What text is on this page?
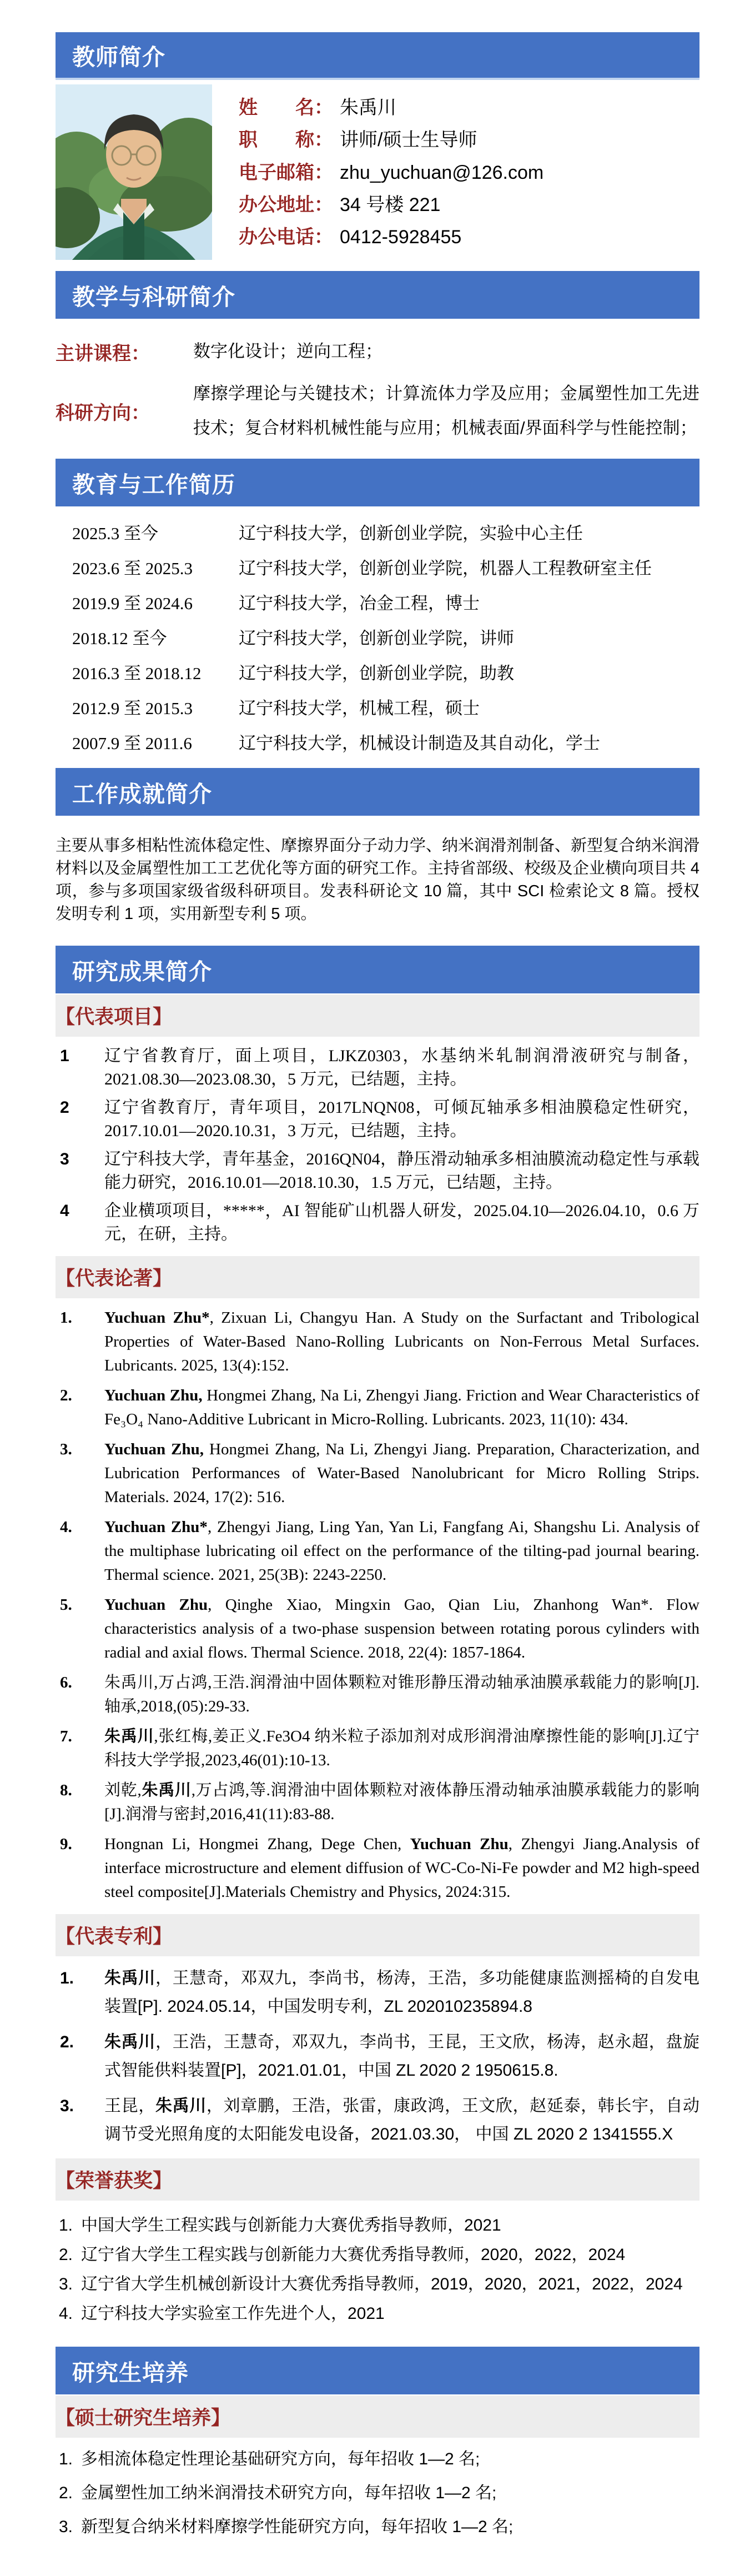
教师简介
姓　　名： 朱禹川
职　　称： 讲师/硕士生导师
电子邮箱： zhu_yuchuan@126.com
办公地址： 34 号楼 221
办公电话： 0412-5928455
教学与科研简介
主讲课程：	数字化设计；逆向工程；
科研方向：
摩擦学理论与关键技术；计算流体力学及应用；金属塑性加工先进技术；复合材料机械性能与应用；机械表面/界面科学与性能控制；
教育与工作简历
2025.3 至今	辽宁科技大学，创新创业学院，实验中心主任
2023.6 至 2025.3	辽宁科技大学，创新创业学院，机器人工程教研室主任
2019.9 至 2024.6	辽宁科技大学，冶金工程，博士
2018.12 至今	辽宁科技大学，创新创业学院，讲师
2016.3 至 2018.12	辽宁科技大学，创新创业学院，助教
2012.9 至 2015.3	辽宁科技大学，机械工程，硕士
2007.9 至 2011.6	辽宁科技大学，机械设计制造及其自动化，学士
工作成就简介

主要从事多相粘性流体稳定性、摩擦界面分子动力学、纳米润滑剂制备、新型复合纳米润滑材料以及金属塑性加工工艺优化等方面的研究工作。主持省部级、校级及企业横向项目共 4 项，参与多项国家级省级科研项目。发表科研论文 10 篇，其中 SCI 检索论文 8 篇。授权发明专利 1 项，实用新型专利 5 项。

研究成果简介
【代表项目】
1	辽宁省教育厅，面上项目，LJKZ0303，水基纳米轧制润滑液研究与制备，2021.08.30—2023.08.30，5 万元，已结题，主持。
2	辽宁省教育厅，青年项目，2017LNQN08，可倾瓦轴承多相油膜稳定性研究，2017.10.01—2020.10.31，3 万元，已结题，主持。
3	辽宁科技大学，青年基金，2016QN04，静压滑动轴承多相油膜流动稳定性与承载能力研究，2016.10.01—2018.10.30，1.5 万元，已结题，主持。
4	企业横项项目，*****，AI 智能矿山机器人研发，2025.04.10—2026.04.10，0.6 万元，在研，主持。
【代表论著】
1.	Yuchuan Zhu*, Zixuan Li, Changyu Han. A Study on the Surfactant and Tribological Properties of Water-Based Nano-Rolling Lubricants on Non-Ferrous Metal Surfaces. Lubricants. 2025, 13(4):152.
2.	Yuchuan Zhu, Hongmei Zhang, Na Li, Zhengyi Jiang. Friction and Wear Characteristics of Fe₃O₄ Nano-Additive Lubricant in Micro-Rolling. Lubricants. 2023, 11(10): 434.
3.	Yuchuan Zhu, Hongmei Zhang, Na Li, Zhengyi Jiang. Preparation, Characterization, and Lubrication Performances of Water-Based Nanolubricant for Micro Rolling Strips. Materials. 2024, 17(2): 516.
4.	Yuchuan Zhu*, Zhengyi Jiang, Ling Yan, Yan Li, Fangfang Ai, Shangshu Li. Analysis of the multiphase lubricating oil effect on the performance of the tilting-pad journal bearing. Thermal science. 2021, 25(3B): 2243-2250.
5.	Yuchuan Zhu, Qinghe Xiao, Mingxin Gao, Qian Liu, Zhanhong Wan*. Flow characteristics analysis of a two-phase suspension between rotating porous cylinders with radial and axial flows. Thermal Science. 2018, 22(4): 1857-1864.
6.	朱禹川,万占鸿,王浩.润滑油中固体颗粒对锥形静压滑动轴承油膜承载能力的影响[J].轴承,2018,(05):29-33.
7.	朱禹川,张红梅,姜正义.Fe3O4 纳米粒子添加剂对成形润滑油摩擦性能的影响[J].辽宁科技大学学报,2023,46(01):10-13.
8.	刘乾,朱禹川,万占鸿,等.润滑油中固体颗粒对液体静压滑动轴承油膜承载能力的影响[J].润滑与密封,2016,41(11):83-88.
9.	Hongnan Li, Hongmei Zhang, Dege Chen, Yuchuan Zhu, Zhengyi Jiang.Analysis of interface microstructure and element diffusion of WC-Co-Ni-Fe powder and M2 high-speed steel composite[J].Materials Chemistry and Physics, 2024:315.
【代表专利】
1.	朱禹川，王慧奇，邓双九，李尚书，杨涛，王浩，多功能健康监测摇椅的自发电装置[P]. 2024.05.14，中国发明专利，ZL 202010235894.8
2.	朱禹川，王浩，王慧奇，邓双九，李尚书，王昆，王文欣，杨涛，赵永超，盘旋式智能供料装置[P]，2021.01.01，中国 ZL 2020 2 1950615.8.
3.	王昆，朱禹川，刘章鹏，王浩，张雷，康政鸿，王文欣，赵延泰，韩长宇，自动调节受光照角度的太阳能发电设备，2021.03.30， 中国 ZL 2020 2 1341555.X
【荣誉获奖】
1. 中国大学生工程实践与创新能力大赛优秀指导教师，2021
2. 辽宁省大学生工程实践与创新能力大赛优秀指导教师，2020，2022，2024
3. 辽宁省大学生机械创新设计大赛优秀指导教师，2019，2020，2021，2022，2024
4. 辽宁科技大学实验室工作先进个人，2021
研究生培养
【硕士研究生培养】
1. 多相流体稳定性理论基础研究方向，每年招收 1—2 名;
2. 金属塑性加工纳米润滑技术研究方向，每年招收 1—2 名;
3. 新型复合纳米材料摩擦学性能研究方向，每年招收 1—2 名;
